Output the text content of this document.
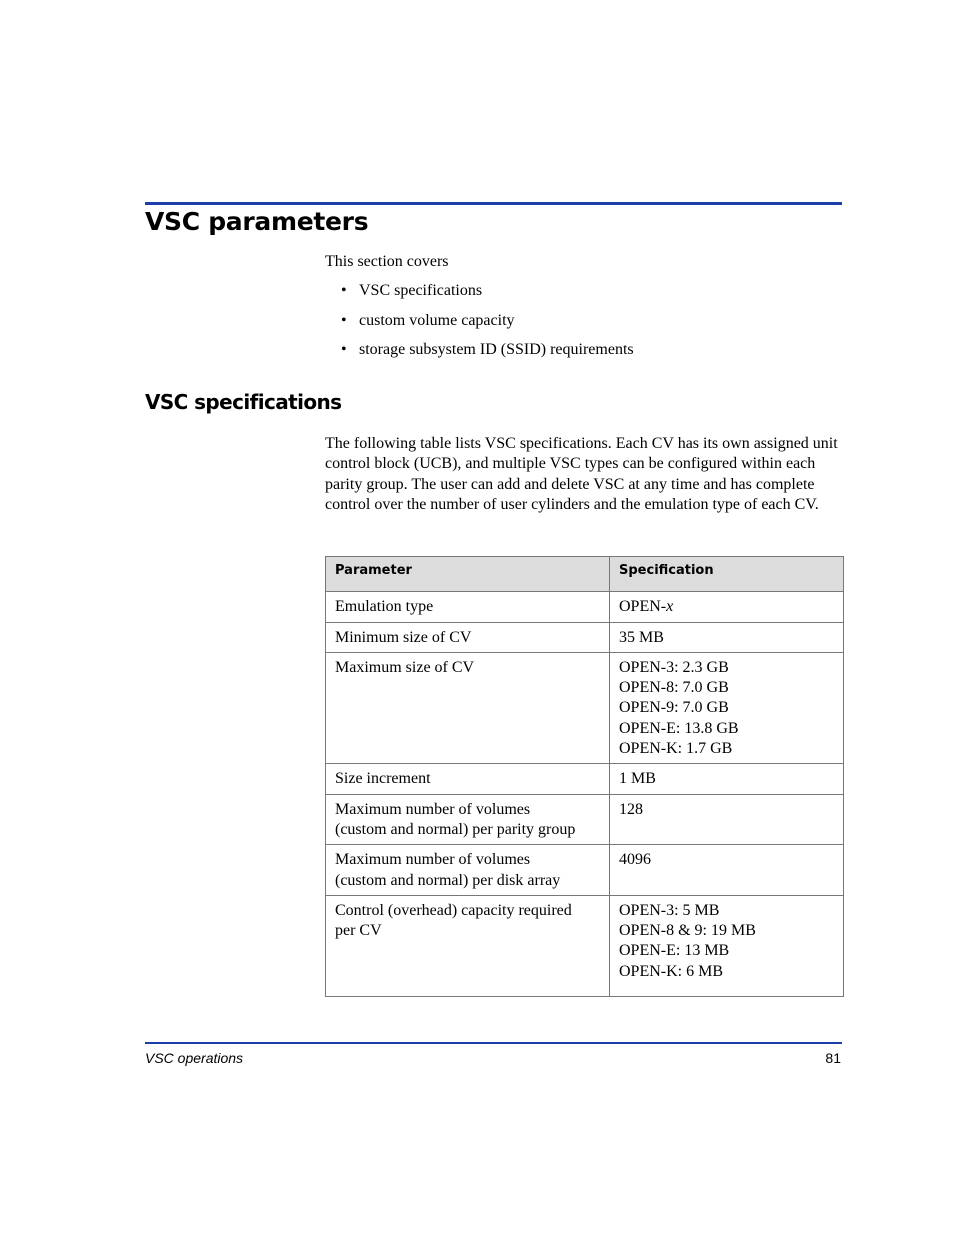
VSC parameters

This section covers

• VSC specifications
• custom volume capacity
• storage subsystem ID (SSID) requirements
VSC specifications

The following table lists VSC specifications. Each CV has its own assigned unit control block (UCB), and multiple VSC types can be configured within each parity group. The user can add and delete VSC at any time and has complete control over the number of user cylinders and the emulation type of each CV.

Parameter	Specification

Emulation type	OPEN-x

Minimum size of CV	35 MB

Maximum size of CV	OPEN-3: 2.3 GB
OPEN-8: 7.0 GB
OPEN-9: 7.0 GB
OPEN-E: 13.8 GB
OPEN-K: 1.7 GB

Size increment	1 MB

Maximum number of volumes
(custom and normal) per parity group	128

Maximum number of volumes
(custom and normal) per disk array	4096

Control (overhead) capacity required
per CV	OPEN-3: 5 MB
OPEN-8 & 9: 19 MB
OPEN-E: 13 MB
OPEN-K: 6 MB
VSC operations	81
